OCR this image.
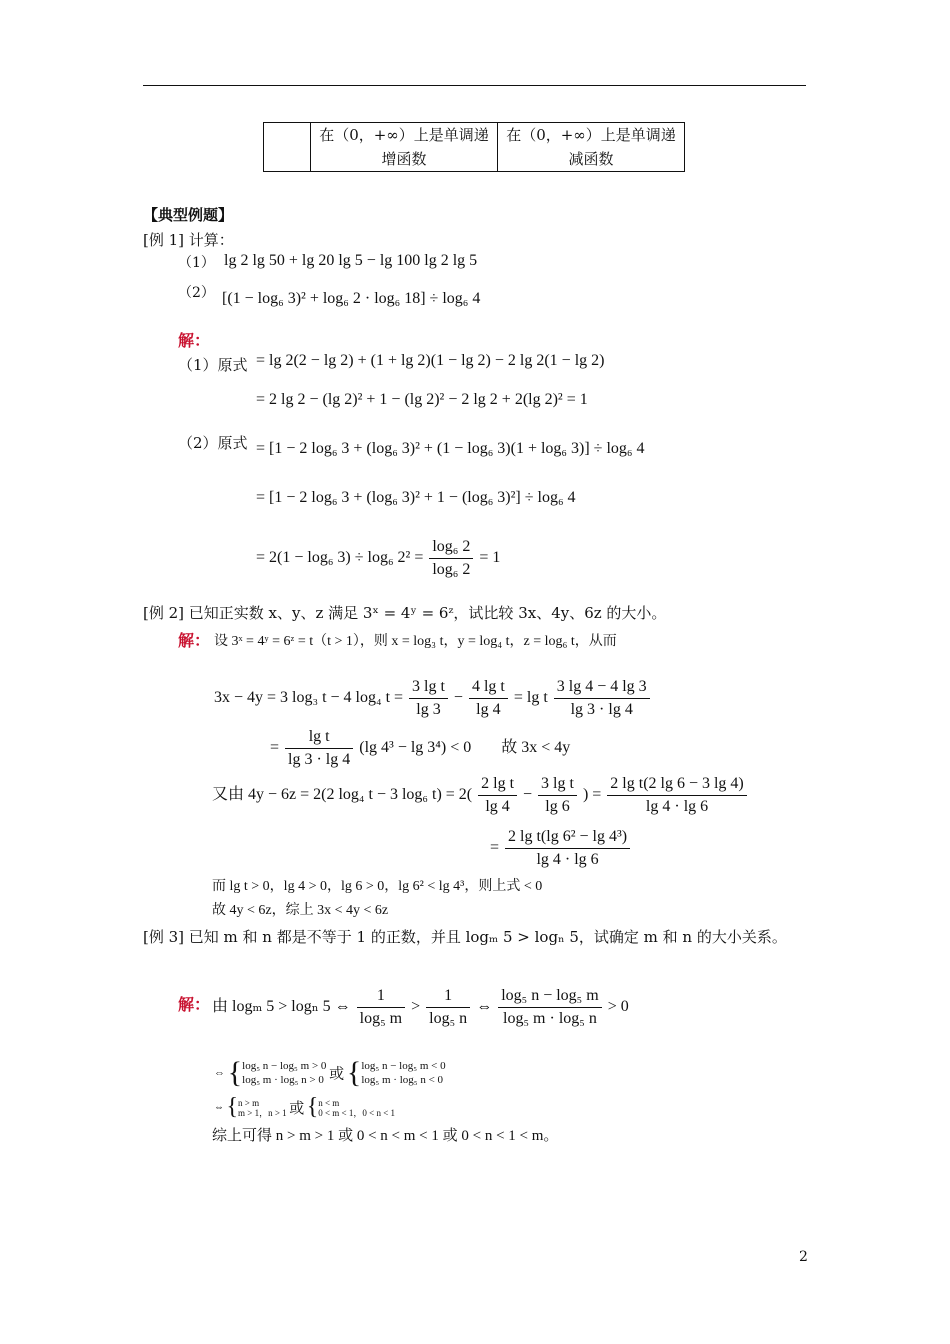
	在（0，+∞）上是单调递增函数	在（0，+∞）上是单调递减函数
【典型例题】
[例 1] 计算：
（1） lg 2 lg 50 + lg 20 lg 5 − lg 100 lg 2 lg 5
（2） [(1 − log₆ 3)² + log₆ 2 · log₆ 18] ÷ log₆ 4
解：
（1）原式 = lg 2(2 − lg 2) + (1 + lg 2)(1 − lg 2) − 2 lg 2(1 − lg 2)
= 2 lg 2 − (lg 2)² + 1 − (lg 2)² − 2 lg 2 + 2(lg 2)² = 1
（2）原式 = [1 − 2 log₆ 3 + (log₆ 3)² + (1 − log₆ 3)(1 + log₆ 3)] ÷ log₆ 4
= [1 − 2 log₆ 3 + (log₆ 3)² + 1 − (log₆ 3)²] ÷ log₆ 4
= 2(1 − log₆ 3) ÷ log₆ $2^2 = \frac{\text{log₆ 2}}{\text{log₆ 2}} = 1$
[例 2] 已知正实数 x、y、z 满足 3ˣ = 4ʸ = 6ᶻ，试比较 3x、4y、6z 的大小。
解： 设 3ˣ = 4ʸ = 6ᶻ = t（t > 1），则 x = log₃ t，y = log₄ t，z = log₆ t，从而
3x − 4y = 3 log₃ t − 4 log₄ $t = \frac{\text{3 lg t}}{\lg 3} - \frac{\text{4 lg t}}{\lg 4} = \lg t \frac{3 \lg 4 - 4 \lg 3}{\lg 3 \cdot \lg 4}$
= $\frac{\text{lg t}}{\lg 3 \cdot \lg 4} (\lg$ 4³ − lg 3⁴) < 0 故 3x < 4y
又由 4y − 6z = 2(2 log₄ t − 3 log₆ $t) = 2( \frac{\text{2 lg t}}{\lg 4} - \frac{\text{3 lg t}}{\lg 6}$ ) = $\frac{\text{2 lg t(2 lg 6 − 3 lg 4)}}{\lg 4 \cdot \lg 6}$
= $\frac{\text{2 lg t(lg 6² − lg 4³)}}{\lg 4 \cdot \lg 6}$
而 lg t > 0，lg 4 > 0，lg 6 > 0，lg 6² < lg 4³，则上式 < 0
故 4y < 6z，综上 3x < 4y < 6z
[例 3] 已知 m 和 n 都是不等于 1 的正数，并且 logₘ 5 > logₙ 5，试确定 m 和 n 的大小关系。
解： 由 logₘ 5 > logₙ 5 ⇔ $\frac{1}{\text{log₅ m}} > \frac{1}{\text{log₅ n}}$ ⇔ $\frac{\text{log₅ n − log₅ m}}{\text{log₅ m · log₅ n}} > 0$
⇔ { log₅ n − log₅ m > 0
log₅ m · log₅ n > 0 或 { log₅ n − log₅ m < 0
log₅ m · log₅ n < 0
⇔ { n > m
m > 1，n > 1 或 { n < m
0 < m < 1，0 < n < 1
综上可得 n > m > 1 或 0 < n < m < 1 或 0 < n < 1 < m。
2
